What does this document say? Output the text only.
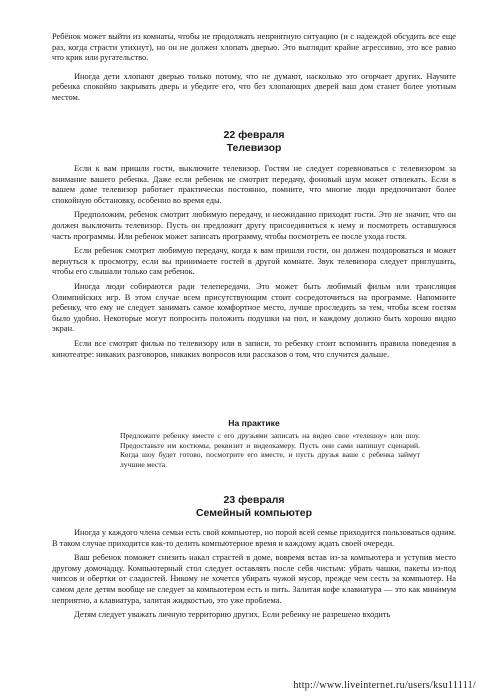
Ребёнок может выйти из комнаты, чтобы не продолжать неприятную ситуацию (и с надеждой обсудить все еще раз, когда страсти утихнут), но он не должен хлопать дверью. Это выглядит крайне агрессивно, это все равно что крик или ругательство.

Иногда дети хлопают дверью только потому, что не думают, насколько это огорчает других. Научите ребенка спокойно закрывать дверь и убедите его, что без хлопающих дверей ваш дом станет более уютным местом.

22 февраля
Телевизор

Если к вам пришли гости, выключите телевизор. Гостям не следует соревноваться с телевизором за внимание вашего ребенка. Даже если ребенок не смотрит передачу, фоновый шум может отвлекать. Если в вашем доме телевизор работает практически постоянно, помните, что многие люди предпочитают более спокойную обстановку, особенно во время еды.

Предположим, ребенок смотрит любимую передачу, и неожиданно приходят гости. Это не значит, что он должен выключить телевизор. Пусть он предложит другу присоединиться к нему и посмотреть оставшуюся часть программы. Или ребенок может записать программу, чтобы посмотреть ее после ухода гостя.

Если ребенок смотрит любимую передачу, когда к вам пришли гости, он должен поздороваться и может вернуться к просмотру, если вы принимаете гостей в другой комнате. Звук телевизора следует приглушить, чтобы его слышали только сам ребенок.

Иногда люди собираются ради телепередачи. Это может быть любимый фильм или трансляция Олимпийских игр. В этом случае всем присутствующим стоит сосредоточиться на программе. Напомните ребенку, что ему не следует занимать самое комфортное место, лучше проследить за тем, чтобы всем гостям было удобно. Некоторые могут попросить положить подушки на пол, и каждому должно быть хорошо видно экран.

Если все смотрят фильм по телевизору или в записи, то ребенку стоит вспомнить правила поведения в кинотеатре: никаких разговоров, никаких вопросов или рассказов о том, что случится дальше.

На практике

Предложите ребенку вместе с его друзьями записать на видео свое «телешоу» или шоу. Предоставьте им костюмы, реквизит и видеокамеру. Пусть они сами напишут сценарий. Когда шоу будет готово, посмотрите его вместе, и пусть друзья ваше с ребенка займут лучшие места.

23 февраля
Семейный компьютер

Иногда у каждого члена семьи есть свой компьютер, но порой всей семье приходится пользоваться одним. В таком случае приходится как-то делить компьютерное время и каждому ждать своей очереди.

Ваш ребенок поможет снизить накал страстей в доме, вовремя встав из-за компьютера и уступив место другому домочадцу. Компьютерный стол следует оставлять после себя чистым: убрать чашки, пакеты из-под чипсов и обертки от сладостей. Никому не хочется убирать чужой мусор, прежде чем сесть за компьютер. На самом деле детям вообще не следует за компьютером есть и пить. Залитая кофе клавиатура — это как минимум неприятно, а клавиатура, залитая жидкостью, это уже проблема.

Детям следует уважать личную территорию других. Если ребенку не разрешено входить

http://www.liveinternet.ru/users/ksu11111/
